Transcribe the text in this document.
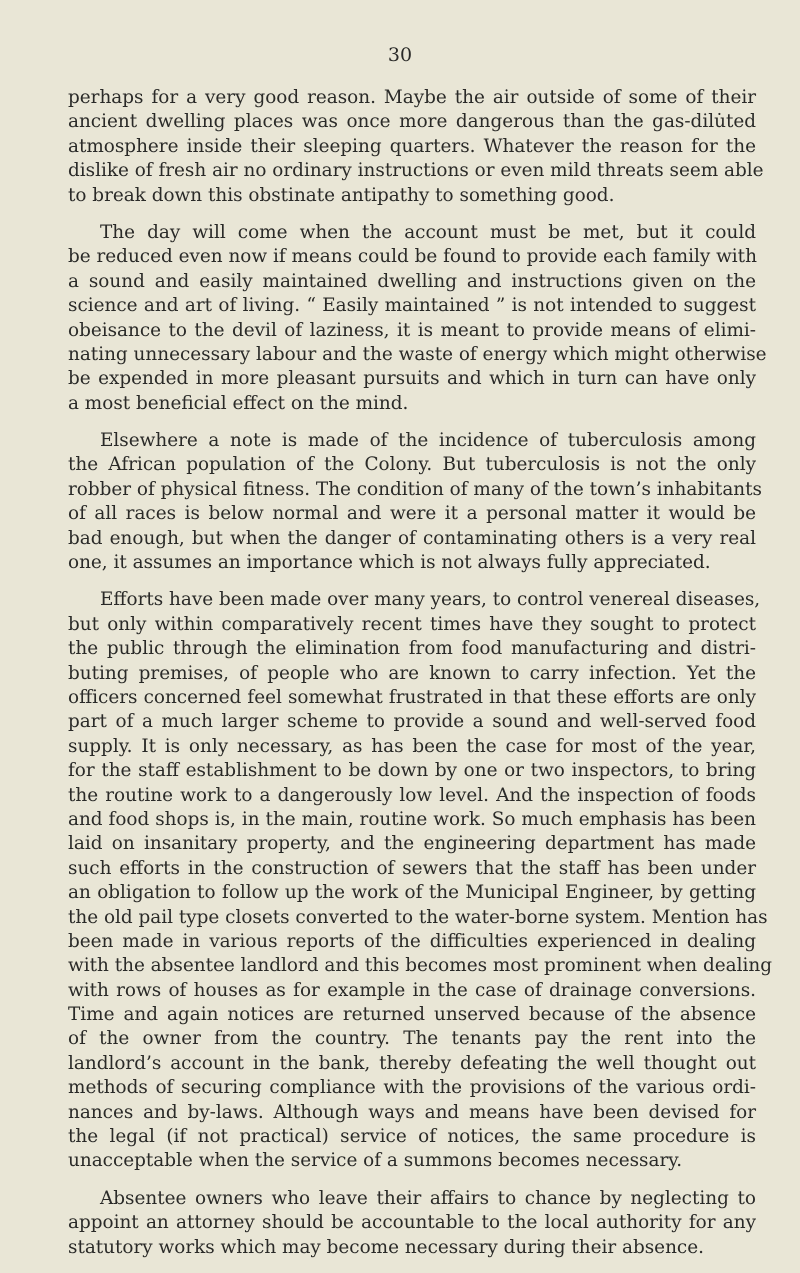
30
perhaps for a very good reason. Maybe the air outside of some of their
ancient dwelling places was once more dangerous than the gas-dilu̇ted
atmosphere inside their sleeping quarters. Whatever the reason for the
dislike of fresh air no ordinary instructions or even mild threats seem able
to break down this obstinate antipathy to something good.
The day will come when the account must be met, but it could
be reduced even now if means could be found to provide each family with
a sound and easily maintained dwelling and instructions given on the
science and art of living. “ Easily maintained ” is not intended to suggest
obeisance to the devil of laziness, it is meant to provide means of elimi-
nating unnecessary labour and the waste of energy which might otherwise
be expended in more pleasant pursuits and which in turn can have only
a most beneficial effect on the mind.
Elsewhere a note is made of the incidence of tuberculosis among
the African population of the Colony. But tuberculosis is not the only
robber of physical fitness. The condition of many of the town’s inhabitants
of all races is below normal and were it a personal matter it would be
bad enough, but when the danger of contaminating others is a very real
one, it assumes an importance which is not always fully appreciated.
Efforts have been made over many years, to control venereal diseases,
but only within comparatively recent times have they sought to protect
the public through the elimination from food manufacturing and distri-
buting premises, of people who are known to carry infection. Yet the
officers concerned feel somewhat frustrated in that these efforts are only
part of a much larger scheme to provide a sound and well-served food
supply. It is only necessary, as has been the case for most of the year,
for the staff establishment to be down by one or two inspectors, to bring
the routine work to a dangerously low level. And the inspection of foods
and food shops is, in the main, routine work. So much emphasis has been
laid on insanitary property, and the engineering department has made
such efforts in the construction of sewers that the staff has been under
an obligation to follow up the work of the Municipal Engineer, by getting
the old pail type closets converted to the water-borne system. Mention has
been made in various reports of the difficulties experienced in dealing
with the absentee landlord and this becomes most prominent when dealing
with rows of houses as for example in the case of drainage conversions.
Time and again notices are returned unserved because of the absence
of the owner from the country. The tenants pay the rent into the
landlord’s account in the bank, thereby defeating the well thought out
methods of securing compliance with the provisions of the various ordi-
nances and by-laws. Although ways and means have been devised for
the legal (if not practical) service of notices, the same procedure is
unacceptable when the service of a summons becomes necessary.
Absentee owners who leave their affairs to chance by neglecting to
appoint an attorney should be accountable to the local authority for any
statutory works which may become necessary during their absence.
